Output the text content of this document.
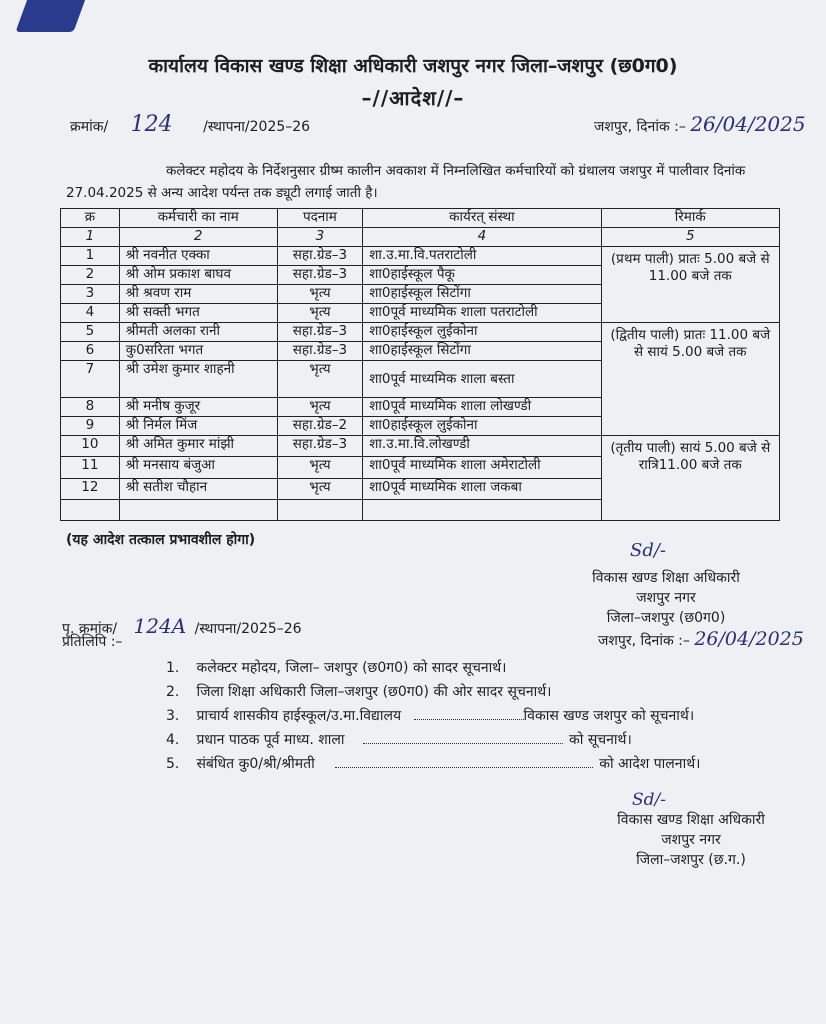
कार्यालय विकास खण्ड शिक्षा अधिकारी जशपुर नगर जिला–जशपुर (छ0ग0)
–//आदेश//–
क्रमांक/ 124 /स्थापना/2025–26	जशपुर, दिनांक :– 26/04/2025
कलेक्टर महोदय के निर्देशनुसार ग्रीष्म कालीन अवकाश में निम्नलिखित कर्मचारियों को ग्रंथालय जशपुर में पालीवार दिनांक 27.04.2025 से अन्य आदेश पर्यन्त तक ड्यूटी लगाई जाती है।
क्र	कर्मचारी का नाम	पदनाम	कार्यरत् संस्था	रिमार्क
1	2	3	4	5
1	श्री नवनीत एक्का	सहा.ग्रेड–3	शा.उ.मा.वि.पतराटोली	(प्रथम पाली) प्रातः 5.00 बजे से 11.00 बजे तक
2	श्री ओम प्रकाश बाघव	सहा.ग्रेड–3	शा0हाईस्कूल पैकू	
3	श्री श्रवण राम	भृत्य	शा0हाईस्कूल सिटोंगा	
4	श्री सक्ती भगत	भृत्य	शा0पूर्व माध्यमिक शाला पतराटोली	
5	श्रीमती अलका रानी	सहा.ग्रेड–3	शा0हाईस्कूल लुईकोना	(द्वितीय पाली) प्रातः 11.00 बजे से सायं 5.00 बजे तक
6	कु0सरिता भगत	सहा.ग्रेड–3	शा0हाईस्कूल सिटोंगा	
7	श्री उमेश कुमार शाहनी	भृत्य	शा0पूर्व माध्यमिक शाला बस्ता	
8	श्री मनीष कुजूर	भृत्य	शा0पूर्व माध्यमिक शाला लोखण्डी	
9	श्री निर्मल मिंज	सहा.ग्रेड–2	शा0हाईस्कूल लुईकोना	
10	श्री अमित कुमार मांझी	सहा.ग्रेड–3	शा.उ.मा.वि.लोखण्डी	(तृतीय पाली) सायं 5.00 बजे से रात्रि11.00 बजे तक
11	श्री मनसाय बंजुआ	भृत्य	शा0पूर्व माध्यमिक शाला अमेराटोली	
12	श्री सतीश चौहान	भृत्य	शा0पूर्व माध्यमिक शाला जकबा	

(यह आदेश तत्काल प्रभावशील होगा)	Sd/-
विकास खण्ड शिक्षा अधिकारी
जशपुर नगर
जिला–जशपुर (छ0ग0)
पृ. क्रमांक/ 124A /स्थापना/2025–26
प्रतिलिपि :–	जशपुर, दिनांक :– 26/04/2025
1. कलेक्टर महोदय, जिला– जशपुर (छ0ग0) को सादर सूचनार्थ।
2. जिला शिक्षा अधिकारी जिला–जशपुर (छ0ग0) की ओर सादर सूचनार्थ।
3. प्राचार्य शासकीय हाईस्कूल/उ.मा.विद्यालय	विकास खण्ड जशपुर को सूचनार्थ।
4. प्रधान पाठक पूर्व माध्य. शाला	को सूचनार्थ।
5. संबंधित कु0/श्री/श्रीमती	को आदेश पालनार्थ।
Sd/-
विकास खण्ड शिक्षा अधिकारी
जशपुर नगर
जिला–जशपुर (छ.ग.)
